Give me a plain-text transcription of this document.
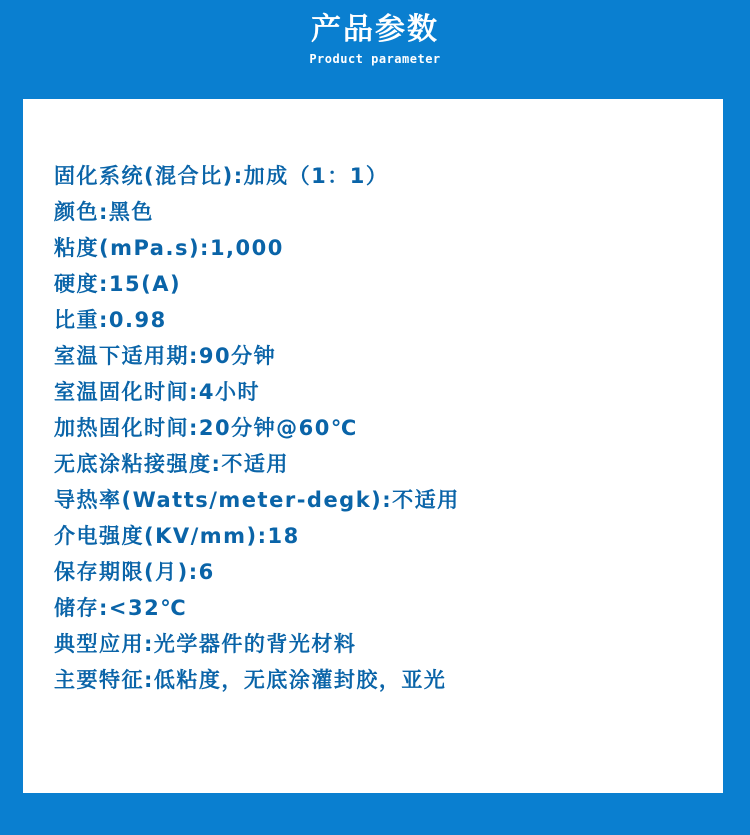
产品参数
Product parameter
固化系统(混合比):加成（1：1）
颜色:黑色
粘度(mPa.s):1,000
硬度:15(A)
比重:0.98
室温下适用期:90分钟
室温固化时间:4小时
加热固化时间:20分钟@60℃
无底涂粘接强度:不适用
导热率(Watts/meter-degk):不适用
介电强度(KV/mm):18
保存期限(月):6
储存:<32℃
典型应用:光学器件的背光材料
主要特征:低粘度，无底涂灌封胶，亚光
